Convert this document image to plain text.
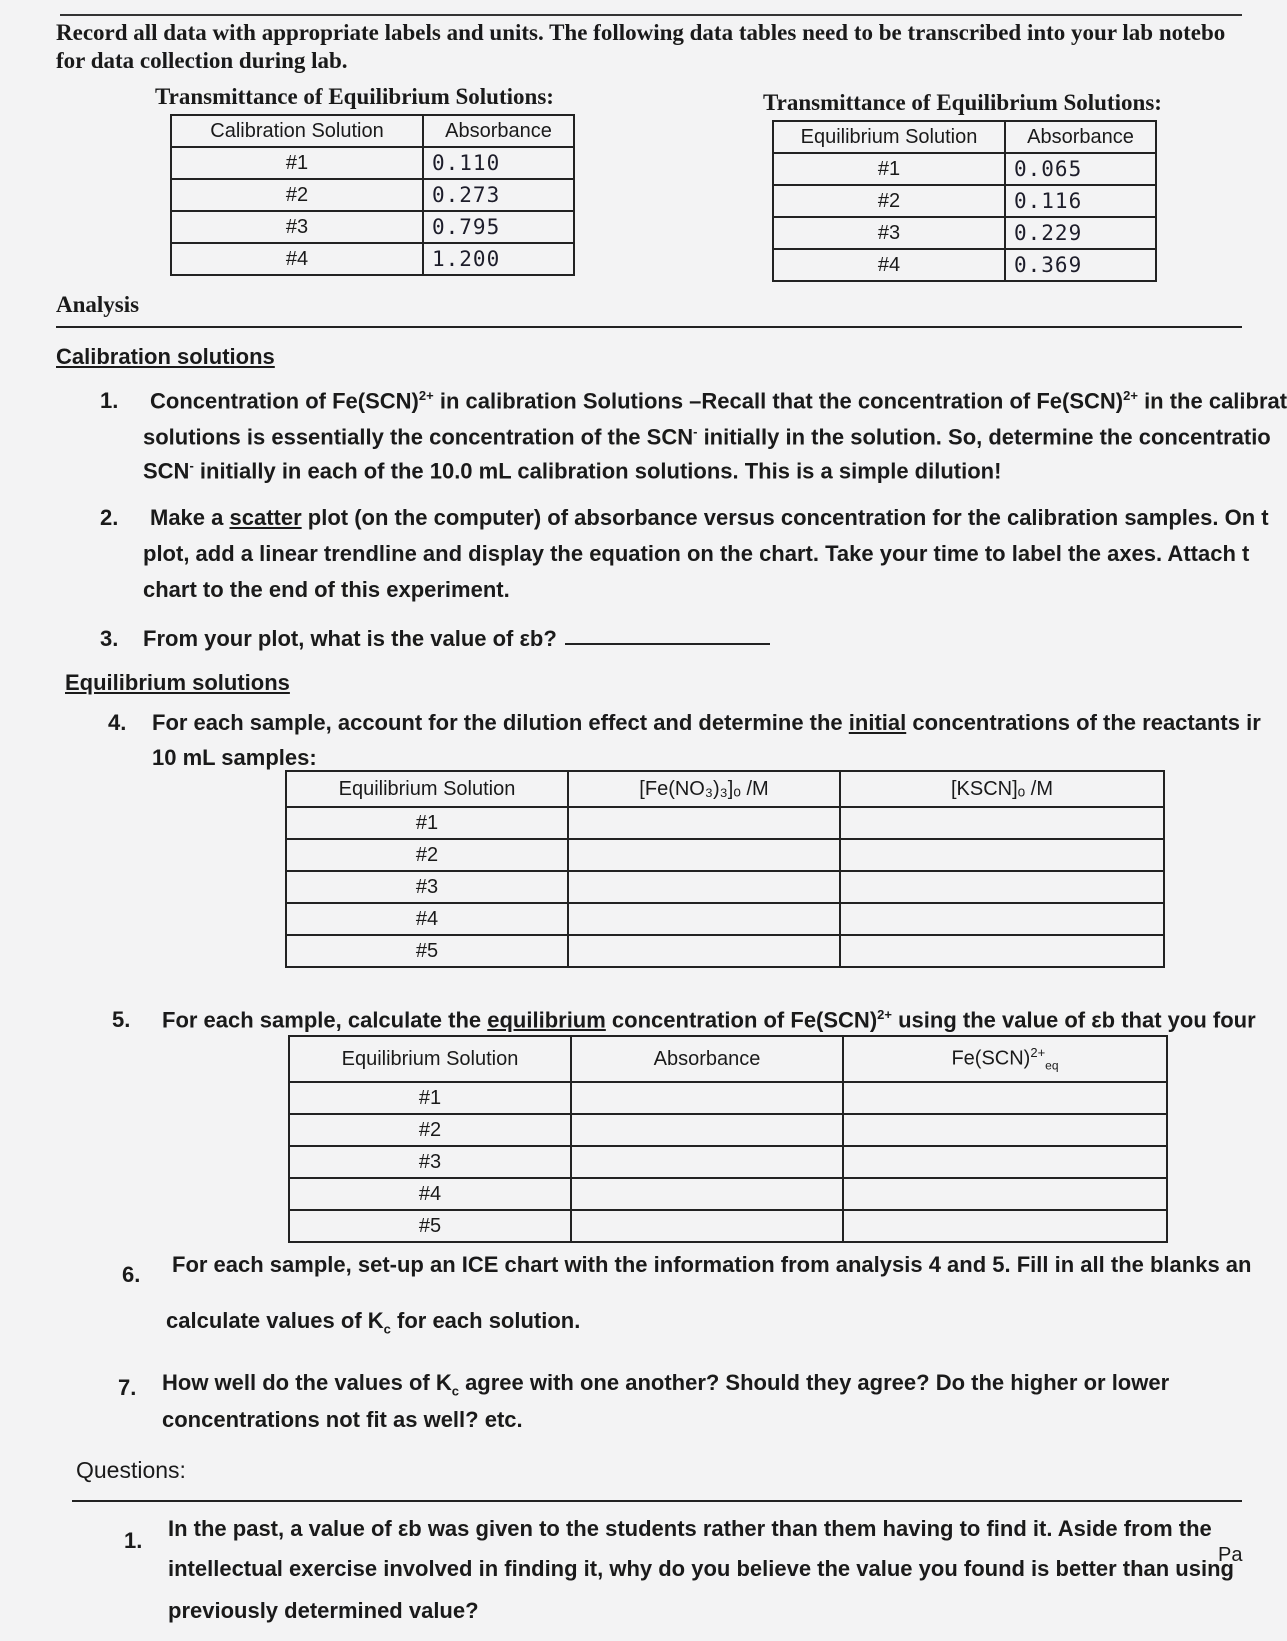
Record all data with appropriate labels and units. The following data tables need to be transcribed into your lab notebo
for data collection during lab.
Transmittance of Equilibrium Solutions:
Calibration Solution	Absorbance
#1	0.110
#2	0.273
#3	0.795
#4	1.200
Transmittance of Equilibrium Solutions:
Equilibrium Solution	Absorbance
#1	0.065
#2	0.116
#3	0.229
#4	0.369
Analysis
Calibration solutions
1. Concentration of Fe(SCN)$^{2+}$ in calibration Solutions –Recall that the concentration of Fe(SCN)$^{2+}$ in the calibrat
solutions is essentially the concentration of the SCN- initially in the solution. So, determine the concentratio
SCN- initially in each of the 10.0 mL calibration solutions. This is a simple dilution!
2. Make a scatter plot (on the computer) of absorbance versus concentration for the calibration samples. On t
plot, add a linear trendline and display the equation on the chart. Take your time to label the axes. Attach t
chart to the end of this experiment.
3. From your plot, what is the value of εb?
Equilibrium solutions
4. For each sample, account for the dilution effect and determine the initial concentrations of the reactants ir
10 mL samples:
Equilibrium Solution	[Fe(NO₃)₃]ₒ /M	[KSCN]ₒ /M
#1		
#2		
#3		
#4		
#5		
5. For each sample, calculate the equilibrium concentration of Fe(SCN)$^{2+}$ using the value of εb that you four
Equilibrium Solution	Absorbance	Fe(SCN)$^{2+}_{eq}$
#1		
#2		
#3		
#4		
#5		
6. For each sample, set-up an ICE chart with the information from analysis 4 and 5. Fill in all the blanks an
calculate values of $K_c$ for each solution.
7. How well do the values of $K_c$ agree with one another? Should they agree? Do the higher or lower
concentrations not fit as well? etc.
Questions:
1. In the past, a value of εb was given to the students rather than them having to find it. Aside from the
intellectual exercise involved in finding it, why do you believe the value you found is better than using
previously determined value?
Pa
